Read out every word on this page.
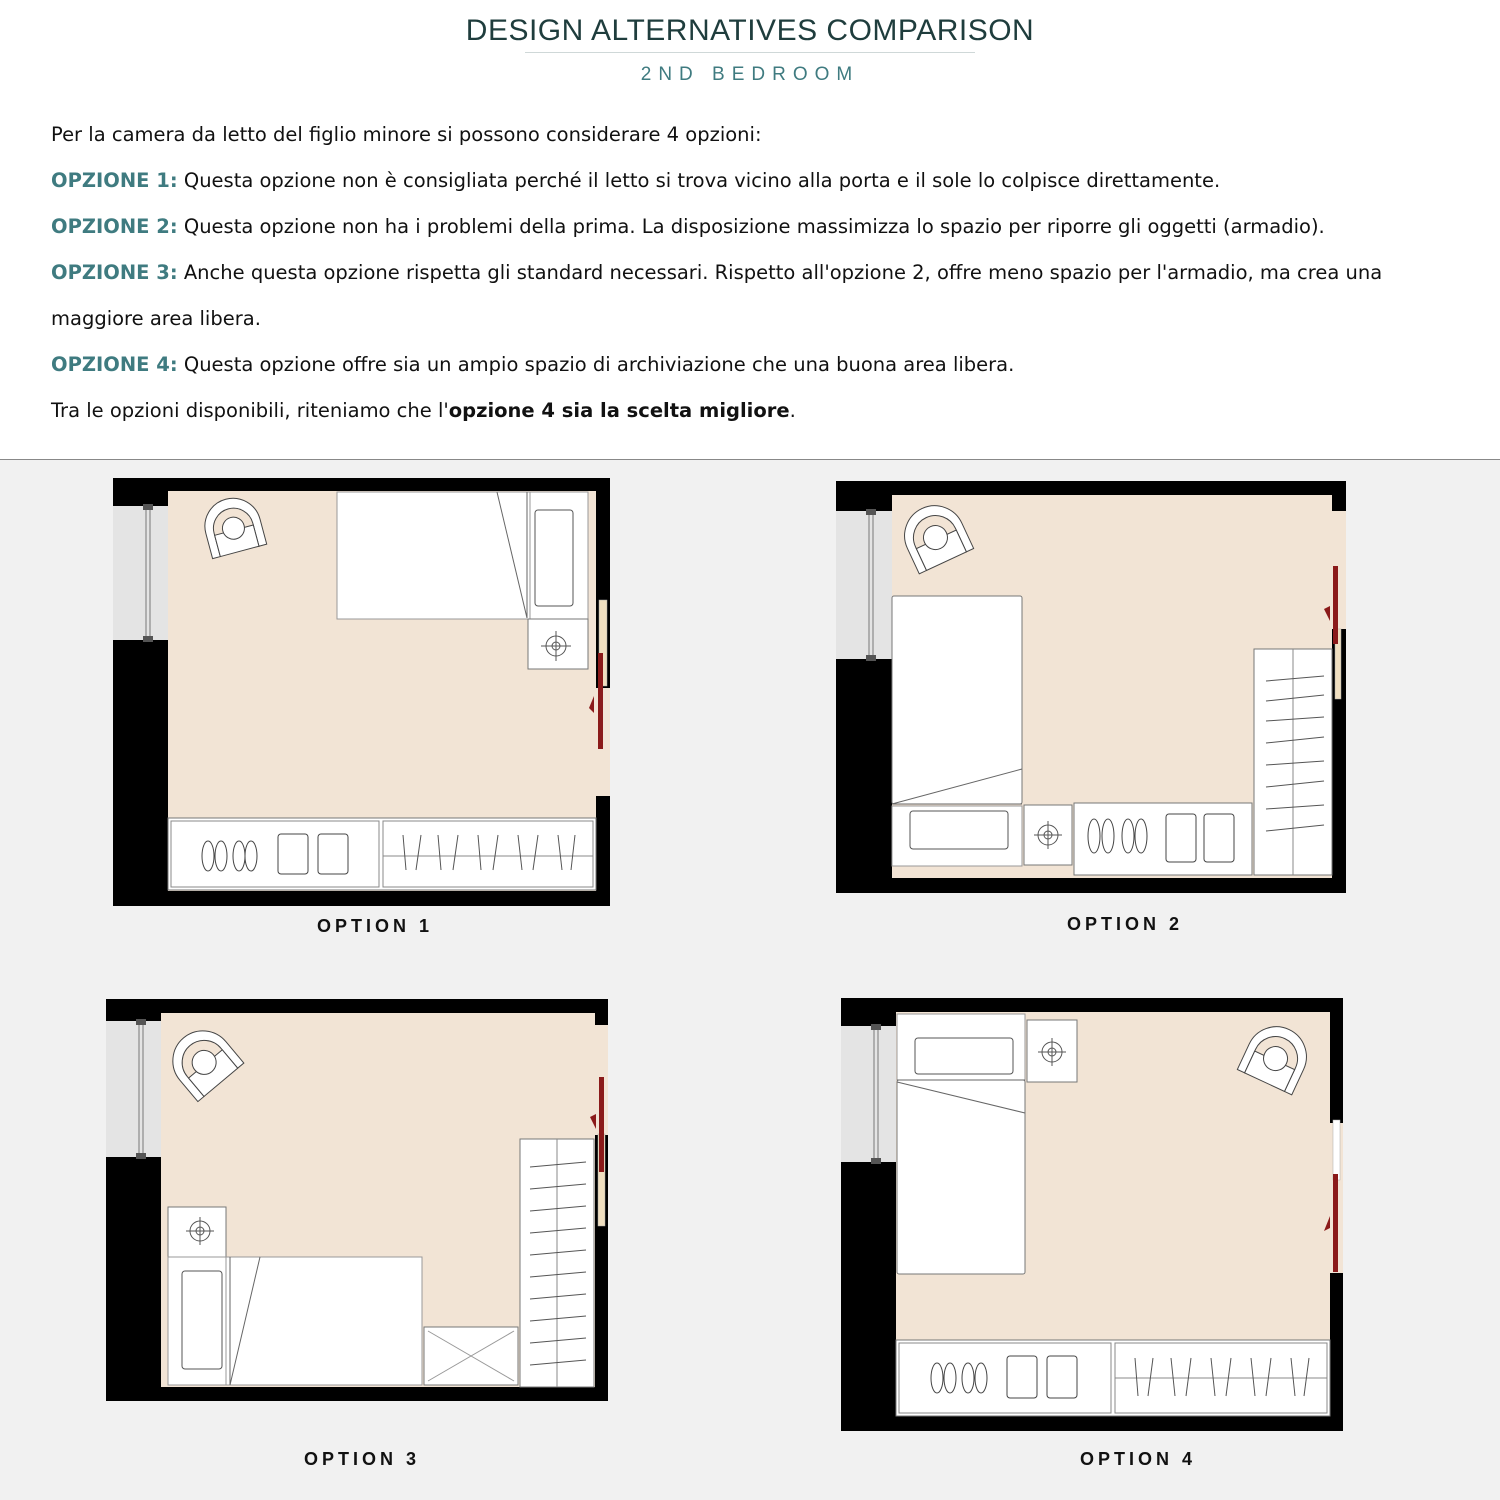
DESIGN ALTERNATIVES COMPARISON
2ND BEDROOM
Per la camera da letto del figlio minore si possono considerare 4 opzioni:
OPZIONE 1: Questa opzione non è consigliata perché il letto si trova vicino alla porta e il sole lo colpisce direttamente.
OPZIONE 2: Questa opzione non ha i problemi della prima. La disposizione massimizza lo spazio per riporre gli oggetti (armadio).
OPZIONE 3: Anche questa opzione rispetta gli standard necessari. Rispetto all'opzione 2, offre meno spazio per l'armadio, ma crea una
maggiore area libera.
OPZIONE 4: Questa opzione offre sia un ampio spazio di archiviazione che una buona area libera.
Tra le opzioni disponibili, riteniamo che l'opzione 4 sia la scelta migliore.
OPTION 1	OPTION 2
OPTION 3	OPTION 4
